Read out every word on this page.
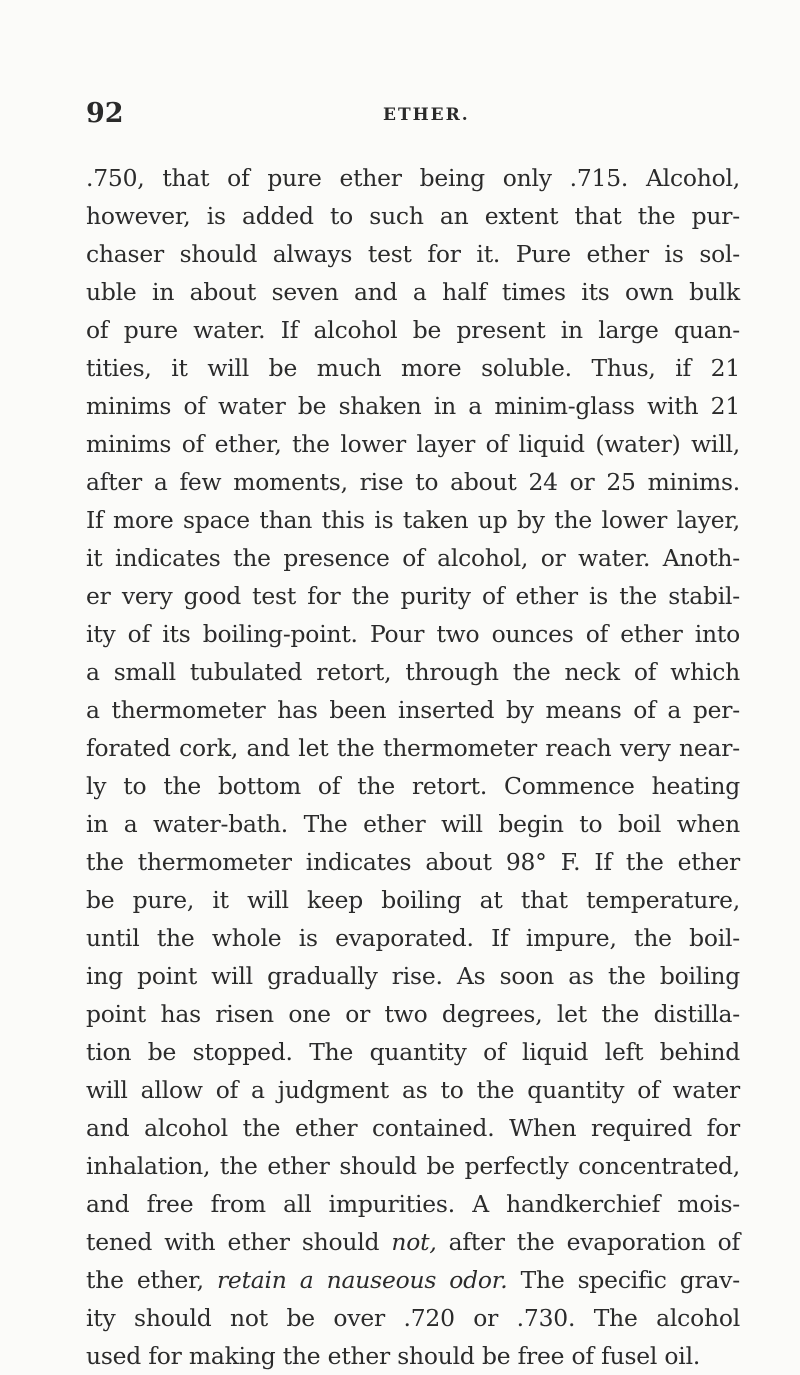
92	ETHER.
.750, that of pure ether being only .715. Alcohol,
however, is added to such an extent that the pur-
chaser should always test for it. Pure ether is sol-
uble in about seven and a half times its own bulk
of pure water. If alcohol be present in large quan-
tities, it will be much more soluble. Thus, if 21
minims of water be shaken in a minim-glass with 21
minims of ether, the lower layer of liquid (water) will,
after a few moments, rise to about 24 or 25 minims.
If more space than this is taken up by the lower layer,
it indicates the presence of alcohol, or water. Anoth-
er very good test for the purity of ether is the stabil-
ity of its boiling-point. Pour two ounces of ether into
a small tubulated retort, through the neck of which
a thermometer has been inserted by means of a per-
forated cork, and let the thermometer reach very near-
ly to the bottom of the retort. Commence heating
in a water-bath. The ether will begin to boil when
the thermometer indicates about 98° F. If the ether
be pure, it will keep boiling at that temperature,
until the whole is evaporated. If impure, the boil-
ing point will gradually rise. As soon as the boiling
point has risen one or two degrees, let the distilla-
tion be stopped. The quantity of liquid left behind
will allow of a judgment as to the quantity of water
and alcohol the ether contained. When required for
inhalation, the ether should be perfectly concentrated,
and free from all impurities. A handkerchief mois-
tened with ether should not, after the evaporation of
the ether, retain a nauseous odor. The specific grav-
ity should not be over .720 or .730. The alcohol
used for making the ether should be free of fusel oil.
